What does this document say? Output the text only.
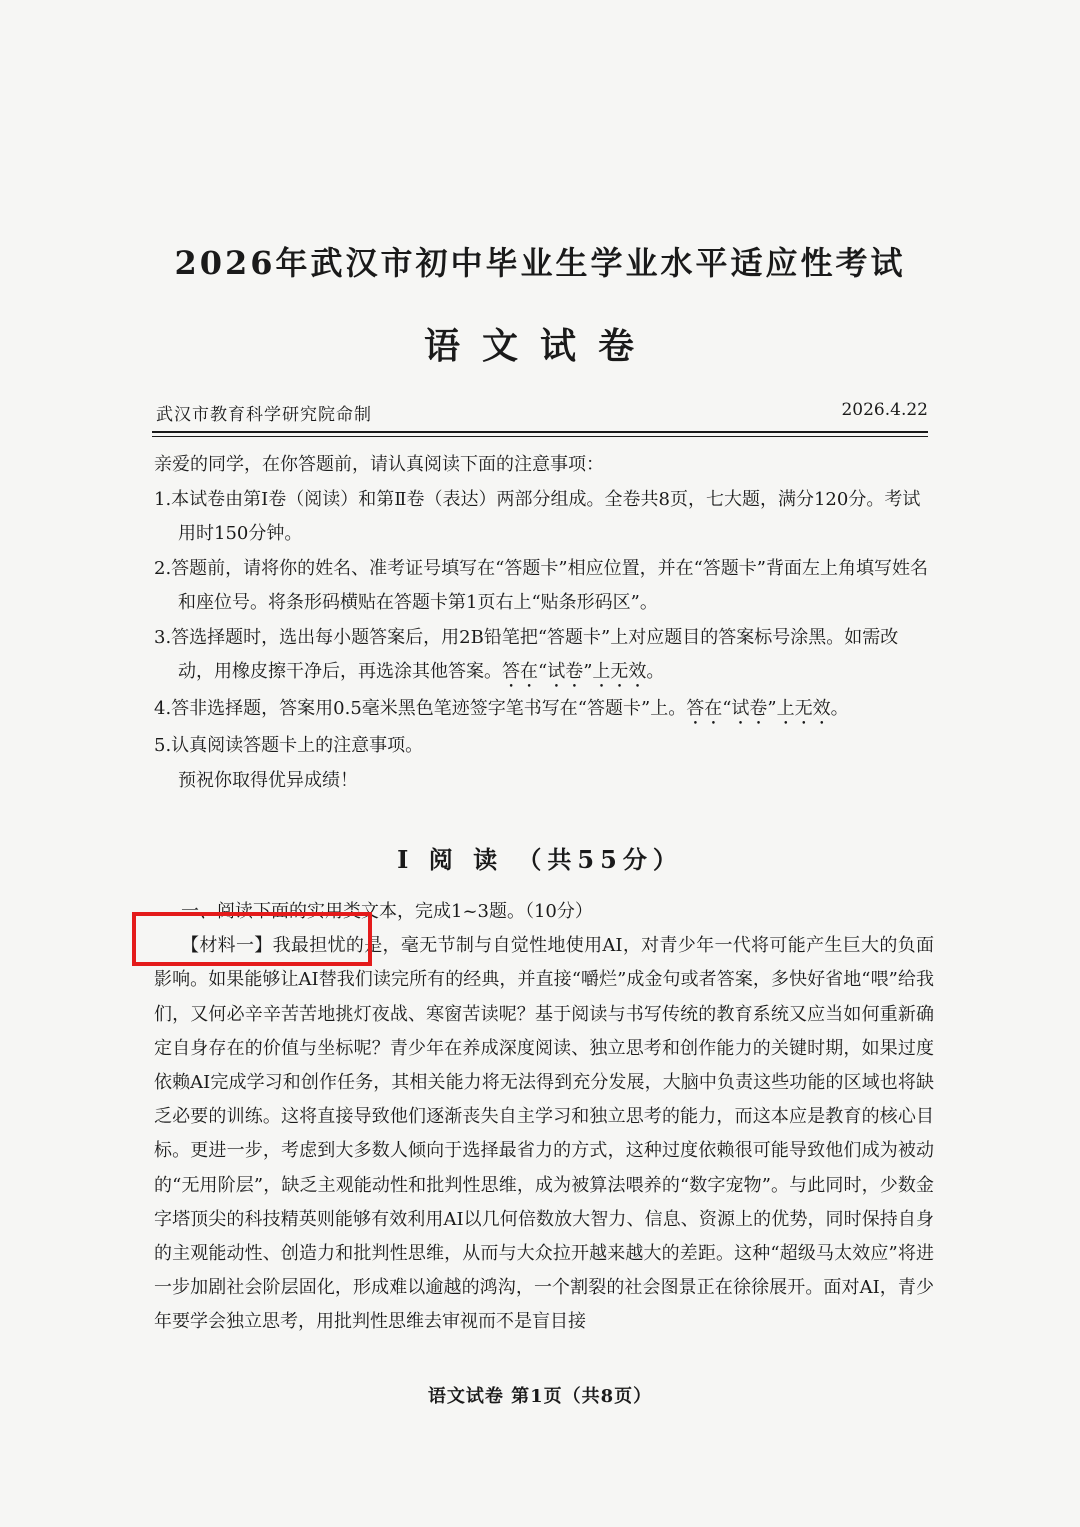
2026年武汉市初中毕业生学业水平适应性考试
语文试卷
武汉市教育科学研究院命制	2026.4.22

亲爱的同学，在你答题前，请认真阅读下面的注意事项：

1.本试卷由第Ⅰ卷（阅读）和第Ⅱ卷（表达）两部分组成。全卷共8页，七大题，满分120分。考试用时150分钟。

2.答题前，请将你的姓名、准考证号填写在“答题卡”相应位置，并在“答题卡”背面左上角填写姓名和座位号。将条形码横贴在答题卡第1页右上“贴条形码区”。

3.答选择题时，选出每小题答案后，用2B铅笔把“答题卡”上对应题目的答案标号涂黑。如需改动，用橡皮擦干净后，再选涂其他答案。答在“试卷”上无效。

4.答非选择题，答案用0.5毫米黑色笔迹签字笔书写在“答题卡”上。答在“试卷”上无效。

5.认真阅读答题卡上的注意事项。

预祝你取得优异成绩！

Ⅰ 阅 读 （共55分）

一、阅读下面的实用类文本，完成1~3题。（10分）

【材料一】我最担忧的是，毫无节制与自觉性地使用AI，对青少年一代将可能产生巨大的负面影响。如果能够让AI替我们读完所有的经典，并直接“嚼烂”成金句或者答案，多快好省地“喂”给我们，又何必辛辛苦苦地挑灯夜战、寒窗苦读呢？基于阅读与书写传统的教育系统又应当如何重新确定自身存在的价值与坐标呢？青少年在养成深度阅读、独立思考和创作能力的关键时期，如果过度依赖AI完成学习和创作任务，其相关能力将无法得到充分发展，大脑中负责这些功能的区域也将缺乏必要的训练。这将直接导致他们逐渐丧失自主学习和独立思考的能力，而这本应是教育的核心目标。更进一步，考虑到大多数人倾向于选择最省力的方式，这种过度依赖很可能导致他们成为被动的“无用阶层”，缺乏主观能动性和批判性思维，成为被算法喂养的“数字宠物”。与此同时，少数金字塔顶尖的科技精英则能够有效利用AI以几何倍数放大智力、信息、资源上的优势，同时保持自身的主观能动性、创造力和批判性思维，从而与大众拉开越来越大的差距。这种“超级马太效应”将进一步加剧社会阶层固化，形成难以逾越的鸿沟，一个割裂的社会图景正在徐徐展开。面对AI，青少年要学会独立思考，用批判性思维去审视而不是盲目接

语文试卷 第1页（共8页）
